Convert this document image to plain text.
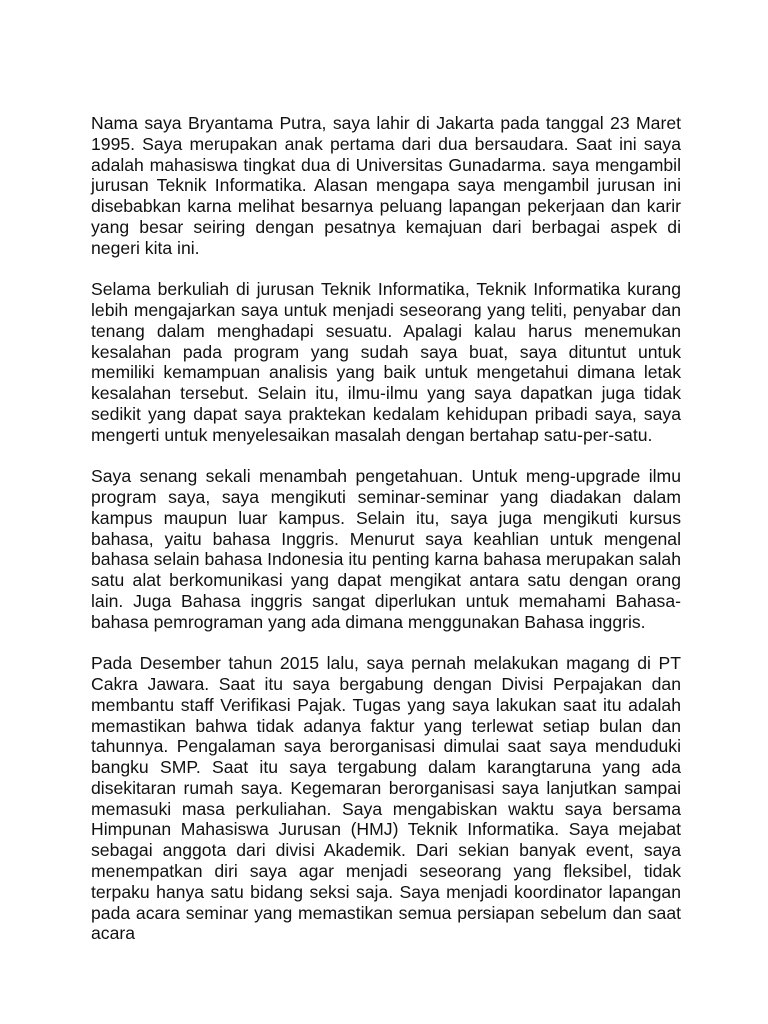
Nama saya Bryantama Putra, saya lahir di Jakarta pada tanggal 23 Maret 1995. Saya merupakan anak pertama dari dua bersaudara. Saat ini saya adalah mahasiswa tingkat dua di Universitas Gunadarma. saya mengambil jurusan Teknik Informatika. Alasan mengapa saya mengambil jurusan ini disebabkan karna melihat besarnya peluang lapangan pekerjaan dan karir yang besar seiring dengan pesatnya kemajuan dari berbagai aspek di negeri kita ini.

Selama berkuliah di jurusan Teknik Informatika, Teknik Informatika kurang lebih mengajarkan saya untuk menjadi seseorang yang teliti, penyabar dan tenang dalam menghadapi sesuatu. Apalagi kalau harus menemukan kesalahan pada program yang sudah saya buat, saya dituntut untuk memiliki kemampuan analisis yang baik untuk mengetahui dimana letak kesalahan tersebut. Selain itu, ilmu-ilmu yang saya dapatkan juga tidak sedikit yang dapat saya praktekan kedalam kehidupan pribadi saya, saya mengerti untuk menyelesaikan masalah dengan bertahap satu-per-satu.

Saya senang sekali menambah pengetahuan. Untuk meng-upgrade ilmu program saya, saya mengikuti seminar-seminar yang diadakan dalam kampus maupun luar kampus. Selain itu, saya juga mengikuti kursus bahasa, yaitu bahasa Inggris. Menurut saya keahlian untuk mengenal bahasa selain bahasa Indonesia itu penting karna bahasa merupakan salah satu alat berkomunikasi yang dapat mengikat antara satu dengan orang lain. Juga Bahasa inggris sangat diperlukan untuk memahami Bahasa-bahasa pemrograman yang ada dimana menggunakan Bahasa inggris.

Pada Desember tahun 2015 lalu, saya pernah melakukan magang di PT Cakra Jawara. Saat itu saya bergabung dengan Divisi Perpajakan dan membantu staff Verifikasi Pajak. Tugas yang saya lakukan saat itu adalah memastikan bahwa tidak adanya faktur yang terlewat setiap bulan dan tahunnya. Pengalaman saya berorganisasi dimulai saat saya menduduki bangku SMP. Saat itu saya tergabung dalam karangtaruna yang ada disekitaran rumah saya. Kegemaran berorganisasi saya lanjutkan sampai memasuki masa perkuliahan. Saya mengabiskan waktu saya bersama Himpunan Mahasiswa Jurusan (HMJ) Teknik Informatika. Saya mejabat sebagai anggota dari divisi Akademik. Dari sekian banyak event, saya menempatkan diri saya agar menjadi seseorang yang fleksibel, tidak terpaku hanya satu bidang seksi saja. Saya menjadi koordinator lapangan pada acara seminar yang memastikan semua persiapan sebelum dan saat acara
